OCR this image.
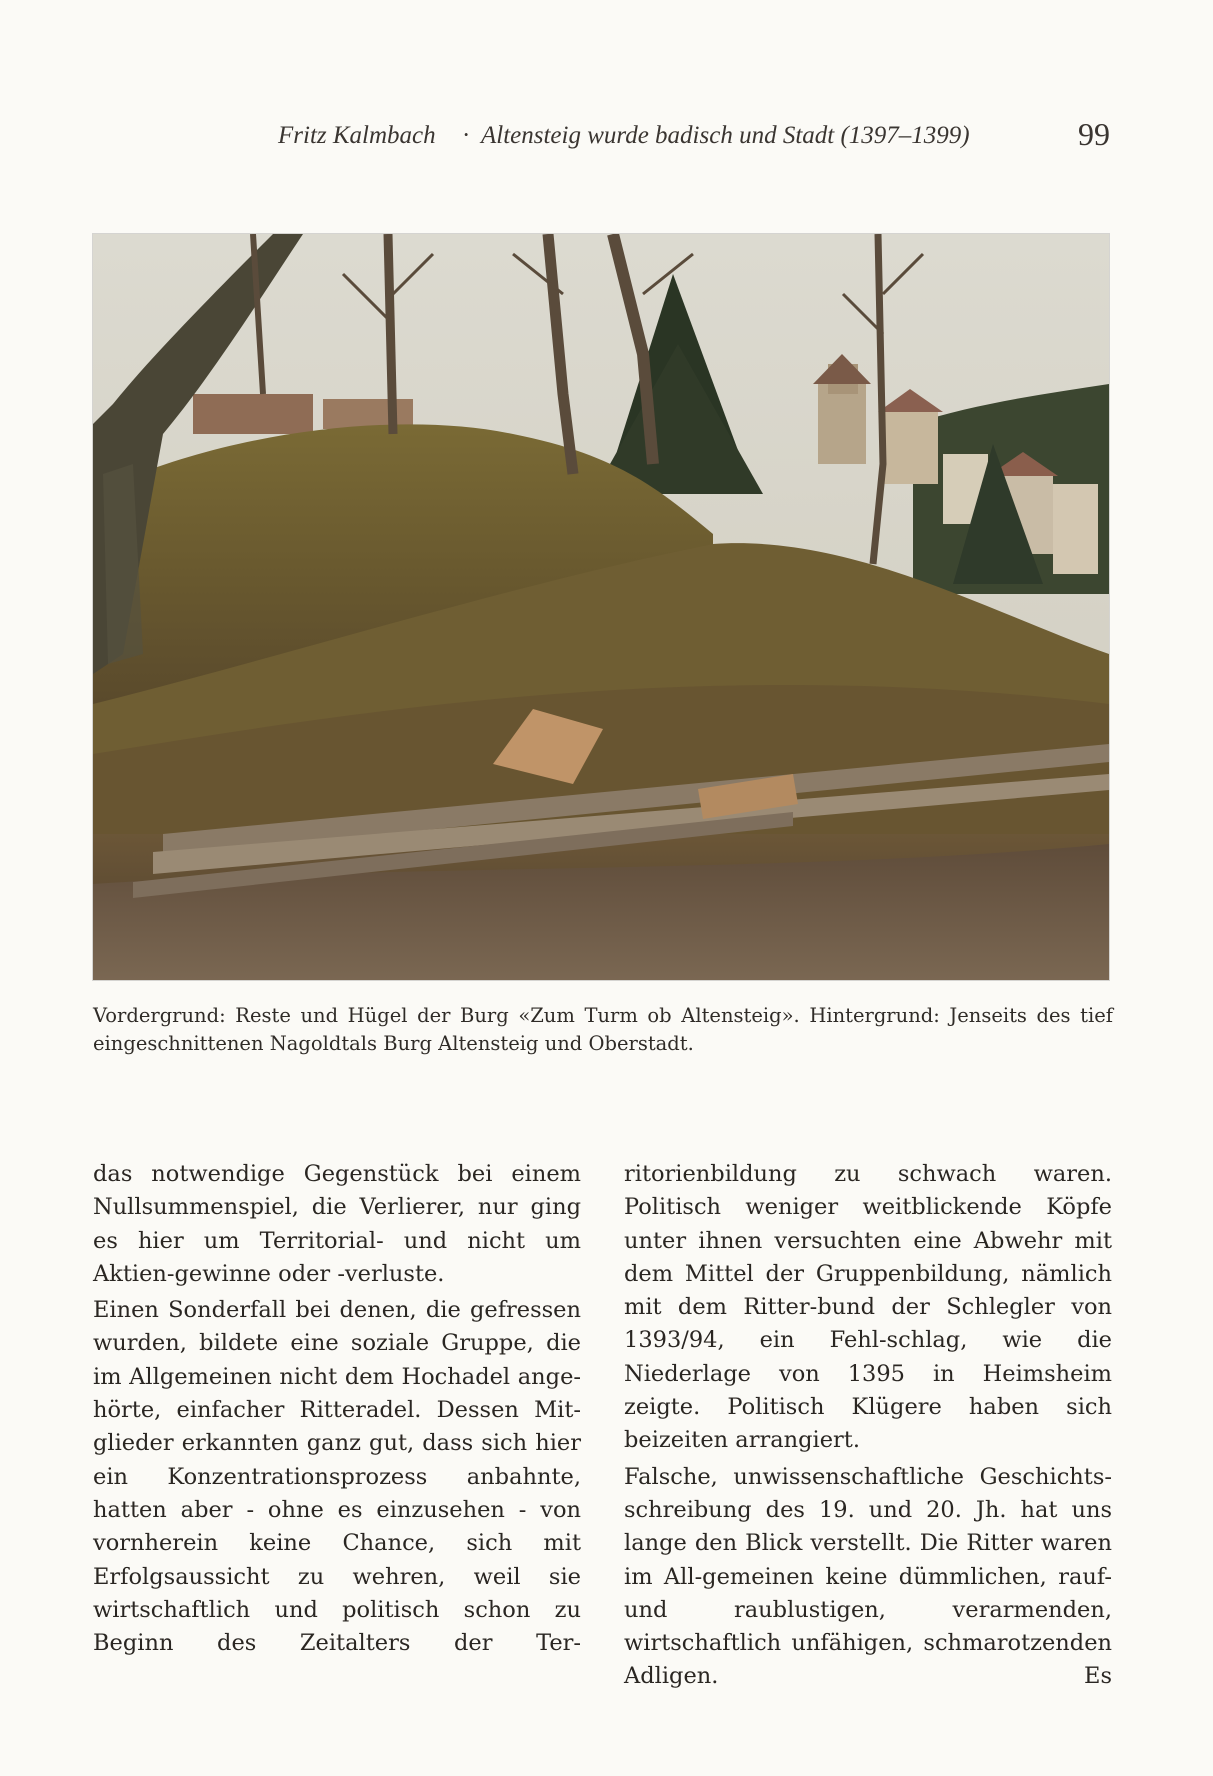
Fritz Kalmbach · Altensteig wurde badisch und Stadt (1397–1399)	99
Vordergrund: Reste und Hügel der Burg «Zum Turm ob Altensteig». Hintergrund: Jenseits des tief eingeschnittenen Nagoldtals Burg Altensteig und Oberstadt.

das notwendige Gegenstück bei einem Nullsummenspiel, die Verlierer, nur ging es hier um Territorial- und nicht um Aktien-gewinne oder -verluste.

Einen Sonderfall bei denen, die gefressen wurden, bildete eine soziale Gruppe, die im Allgemeinen nicht dem Hochadel ange-hörte, einfacher Ritteradel. Dessen Mit-glieder erkannten ganz gut, dass sich hier ein Konzentrationsprozess anbahnte, hatten aber - ohne es einzusehen - von vornherein keine Chance, sich mit Erfolgsaussicht zu wehren, weil sie wirtschaftlich und politisch schon zu Beginn des Zeitalters der Ter-

ritorienbildung zu schwach waren. Politisch weniger weitblickende Köpfe unter ihnen versuchten eine Abwehr mit dem Mittel der Gruppenbildung, nämlich mit dem Ritter-bund der Schlegler von 1393/94, ein Fehl-schlag, wie die Niederlage von 1395 in Heimsheim zeigte. Politisch Klügere haben sich beizeiten arrangiert.

Falsche, unwissenschaftliche Geschichts-schreibung des 19. und 20. Jh. hat uns lange den Blick verstellt. Die Ritter waren im All-gemeinen keine dümmlichen, rauf- und raublustigen, verarmenden, wirtschaftlich unfähigen, schmarotzenden Adligen. Es
